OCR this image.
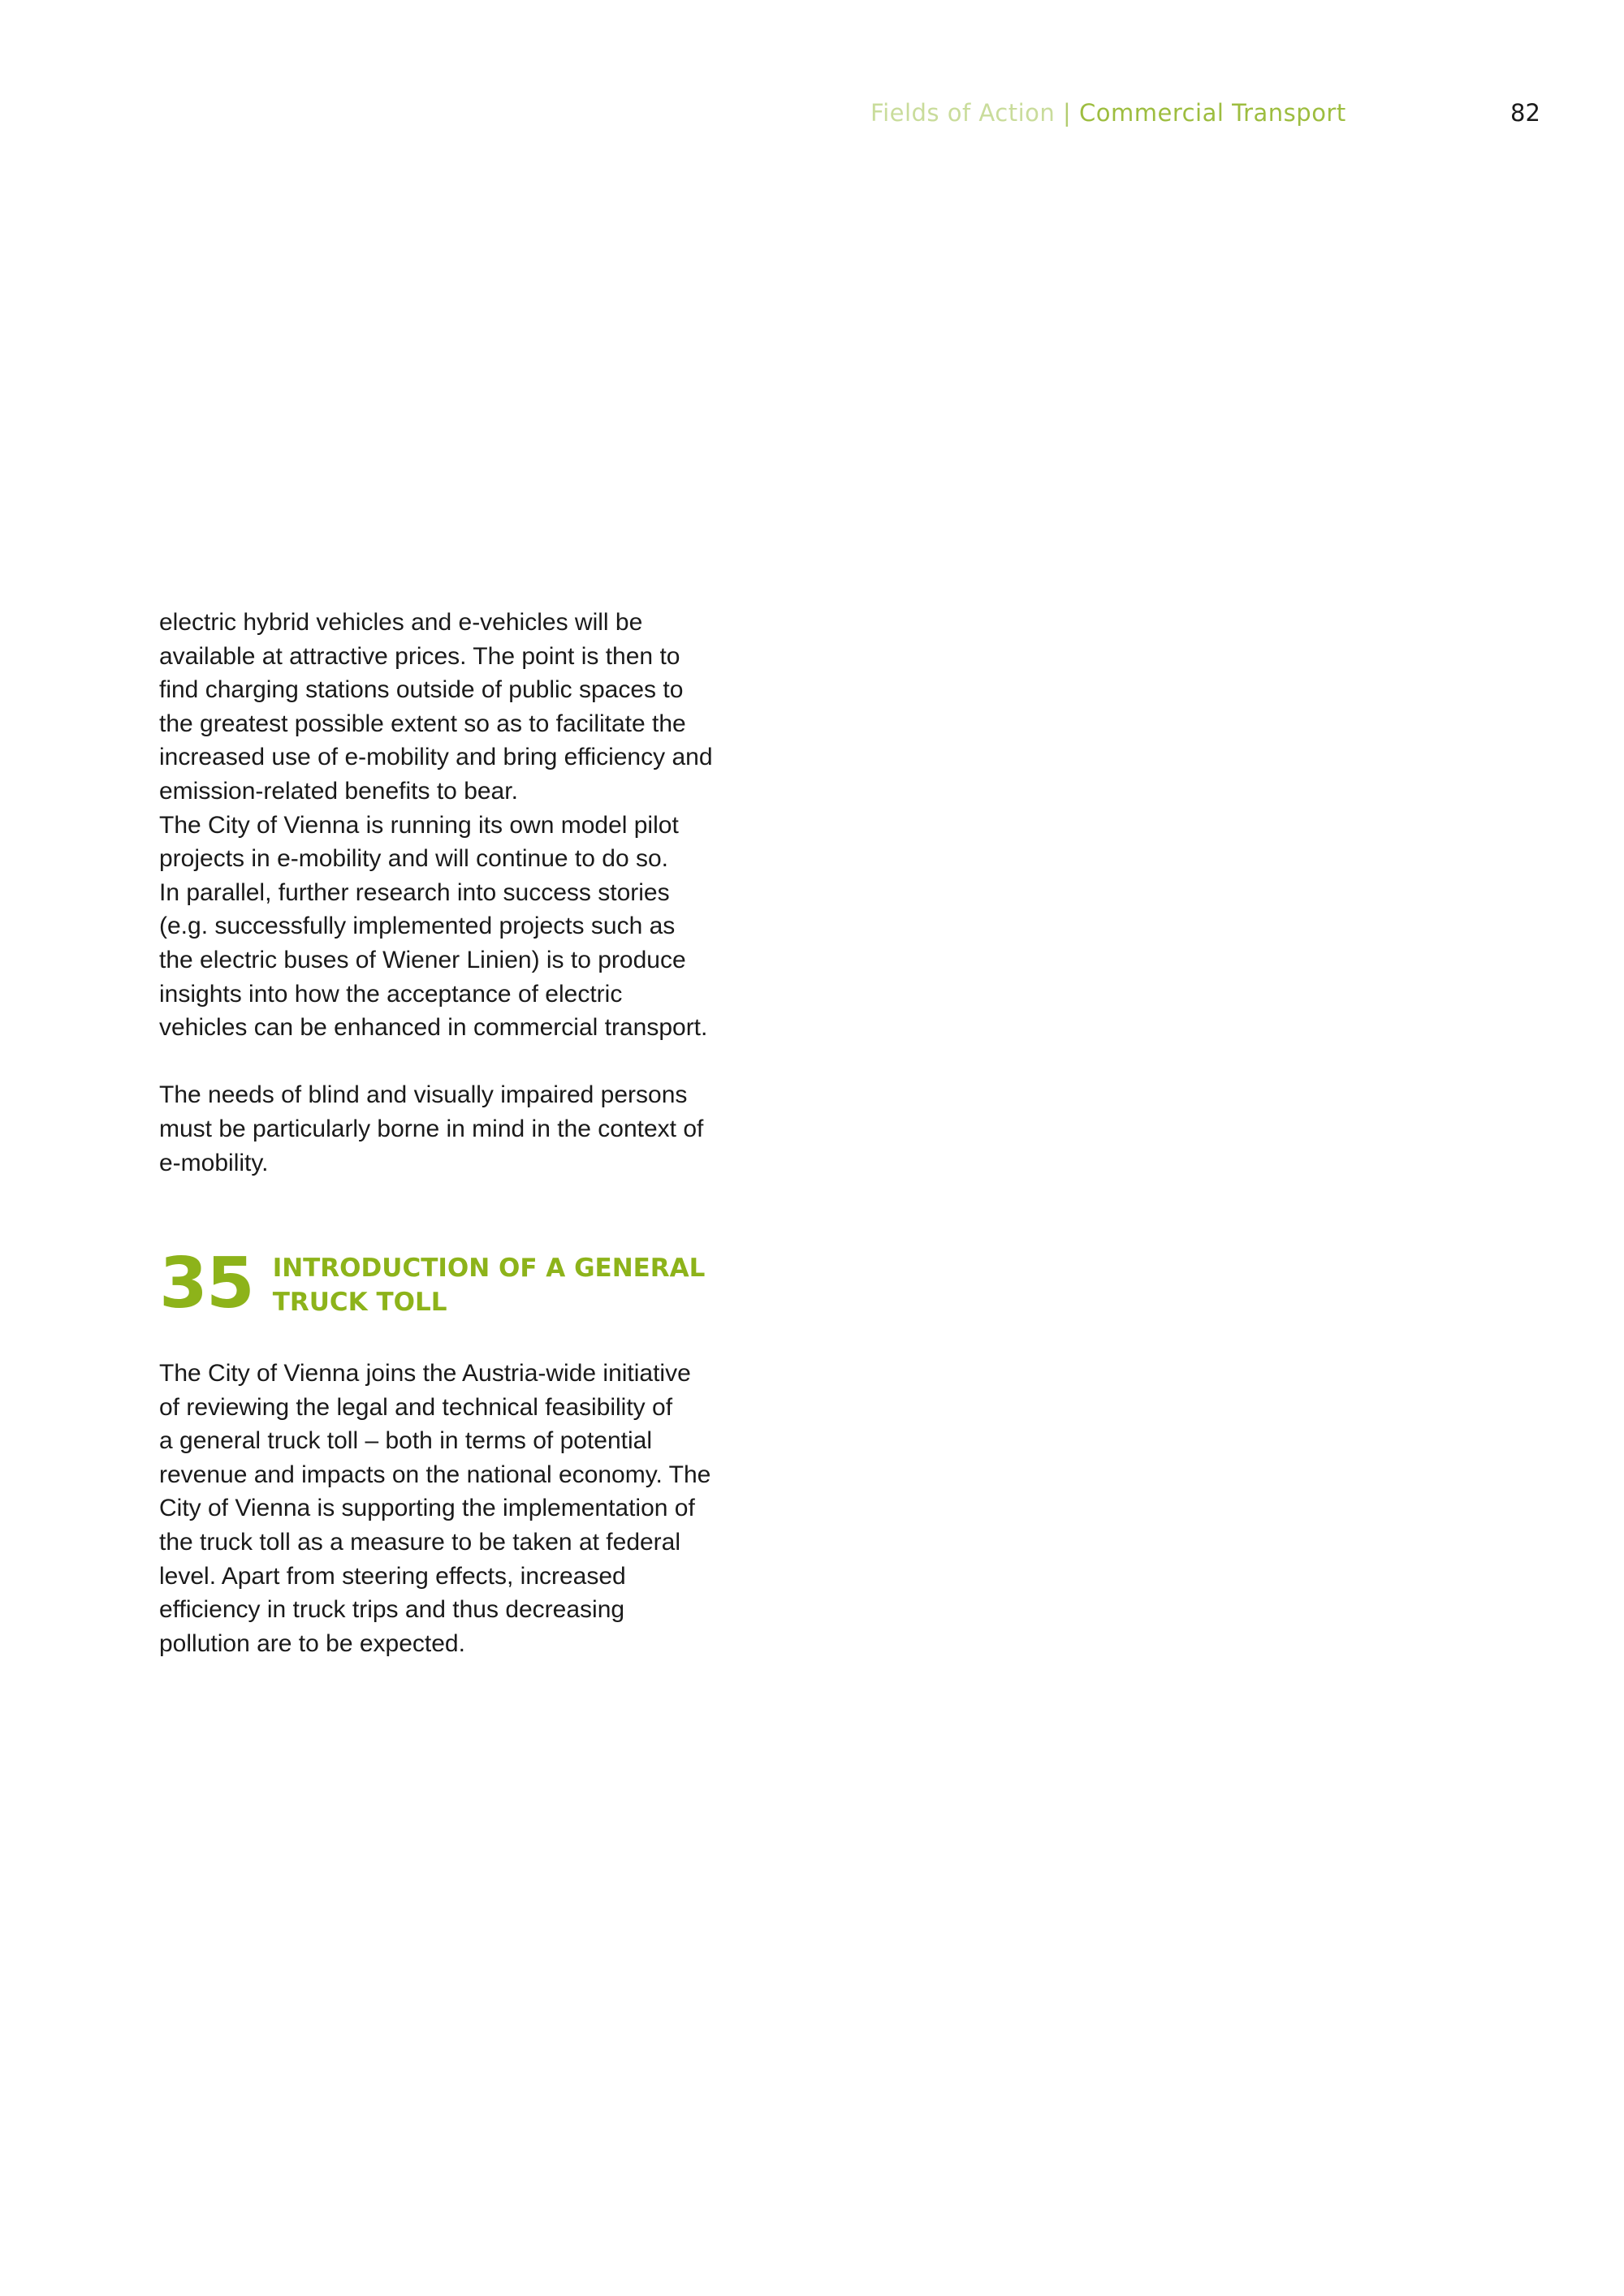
Fields of Action | Commercial Transport	82

electric hybrid vehicles and e-vehicles will be
available at attractive prices. The point is then to
find charging stations outside of public spaces to
the greatest possible extent so as to facilitate the
increased use of e-mobility and bring efficiency and
emission-related benefits to bear.
The City of Vienna is running its own model pilot
projects in e-mobility and will continue to do so.
In parallel, further research into success stories
(e.g. successfully implemented projects such as
the electric buses of Wiener Linien) is to produce
insights into how the acceptance of electric
vehicles can be enhanced in commercial transport.

The needs of blind and visually impaired persons
must be particularly borne in mind in the context of
e-mobility.

35 INTRODUCTION OF A GENERAL
TRUCK TOLL

The City of Vienna joins the Austria-wide initiative
of reviewing the legal and technical feasibility of
a general truck toll – both in terms of potential
revenue and impacts on the national economy. The
City of Vienna is supporting the implementation of
the truck toll as a measure to be taken at federal
level. Apart from steering effects, increased
efficiency in truck trips and thus decreasing
pollution are to be expected.
